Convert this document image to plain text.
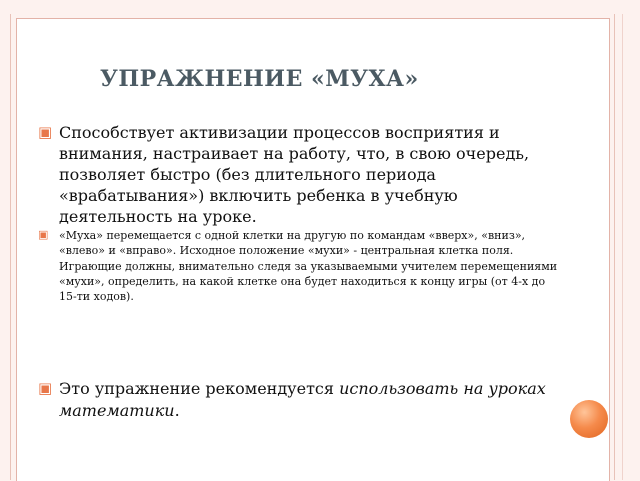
УПРАЖНЕНИЕ «МУХА»
▣ Способствует активизации процессов восприятия и внимания, настраивает на работу, что, в свою очередь, позволяет быстро (без длительного периода «врабатывания») включить ребенка в учебную деятельность на уроке.
▣ «Муха» перемещается с одной клетки на другую по командам «вверх», «вниз», «влево» и «вправо». Исходное положение «мухи» - центральная клетка поля. Играющие должны, внимательно следя за указываемыми учителем перемещениями «мухи», определить, на какой клетке она будет находиться к концу игры (от 4-х до 15-ти ходов).
▣ Это упражнение рекомендуется использовать на уроках математики.
